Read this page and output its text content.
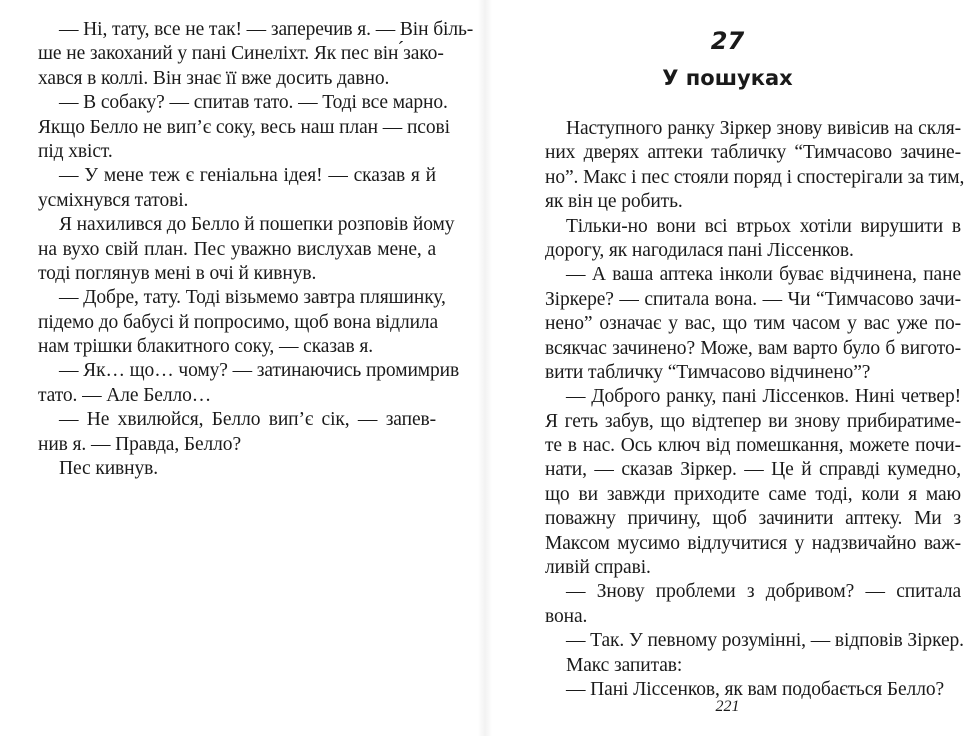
— Ні, тату, все не так! — заперечив я. — Він біль-
ше не закоханий у пані Синеліхт. Як пес він ́зако-
хався в коллі. Він знає її вже досить давно.
— В собаку? — спитав тато. — Тоді все марно.
Якщо Белло не вип’є соку, весь наш план — псові
під хвіст.
— У мене теж є геніальна ідея! — сказав я й
усміхнувся татові.
Я нахилився до Белло й пошепки розповів йому
на вухо свій план. Пес уважно вислухав мене, а
тоді поглянув мені в очі й кивнув.
— Добре, тату. Тоді візьмемо завтра пляшинку,
підемо до бабусі й попросимо, щоб вона відлила
нам трішки блакитного соку, — сказав я.
— Як… що… чому? — затинаючись промимрив
тато. — Але Белло…
— Не хвилюйся, Белло вип’є сік, — запев-
нив я. — Правда, Белло?
Пес кивнув.
27
У пошуках
Наступного ранку Зіркер знову вивісив на скля-
них дверях аптеки табличку “Тимчасово зачине-
но”. Макс і пес стояли поряд і спостерігали за тим,
як він це робить.
Тільки-но вони всі втрьох хотіли вирушити в
дорогу, як нагодилася пані Ліссенков.
— А ваша аптека інколи буває відчинена, пане
Зіркере? — спитала вона. — Чи “Тимчасово зачи-
нено” означає у вас, що тим часом у вас уже по-
всякчас зачинено? Може, вам варто було б вигото-
вити табличку “Тимчасово відчинено”?
— Доброго ранку, пані Ліссенков. Нині четвер!
Я геть забув, що відтепер ви знову прибиратиме-
те в нас. Ось ключ від помешкання, можете почи-
нати, — сказав Зіркер. — Це й справді кумедно,
що ви завжди приходите саме тоді, коли я маю
поважну причину, щоб зачинити аптеку. Ми з
Максом мусимо відлучитися у надзвичайно важ-
ливій справі.
— Знову проблеми з добривом? — спитала
вона.
— Так. У певному розумінні, — відповів Зіркер.
Макс запитав:
— Пані Ліссенков, як вам подобається Белло?
221
